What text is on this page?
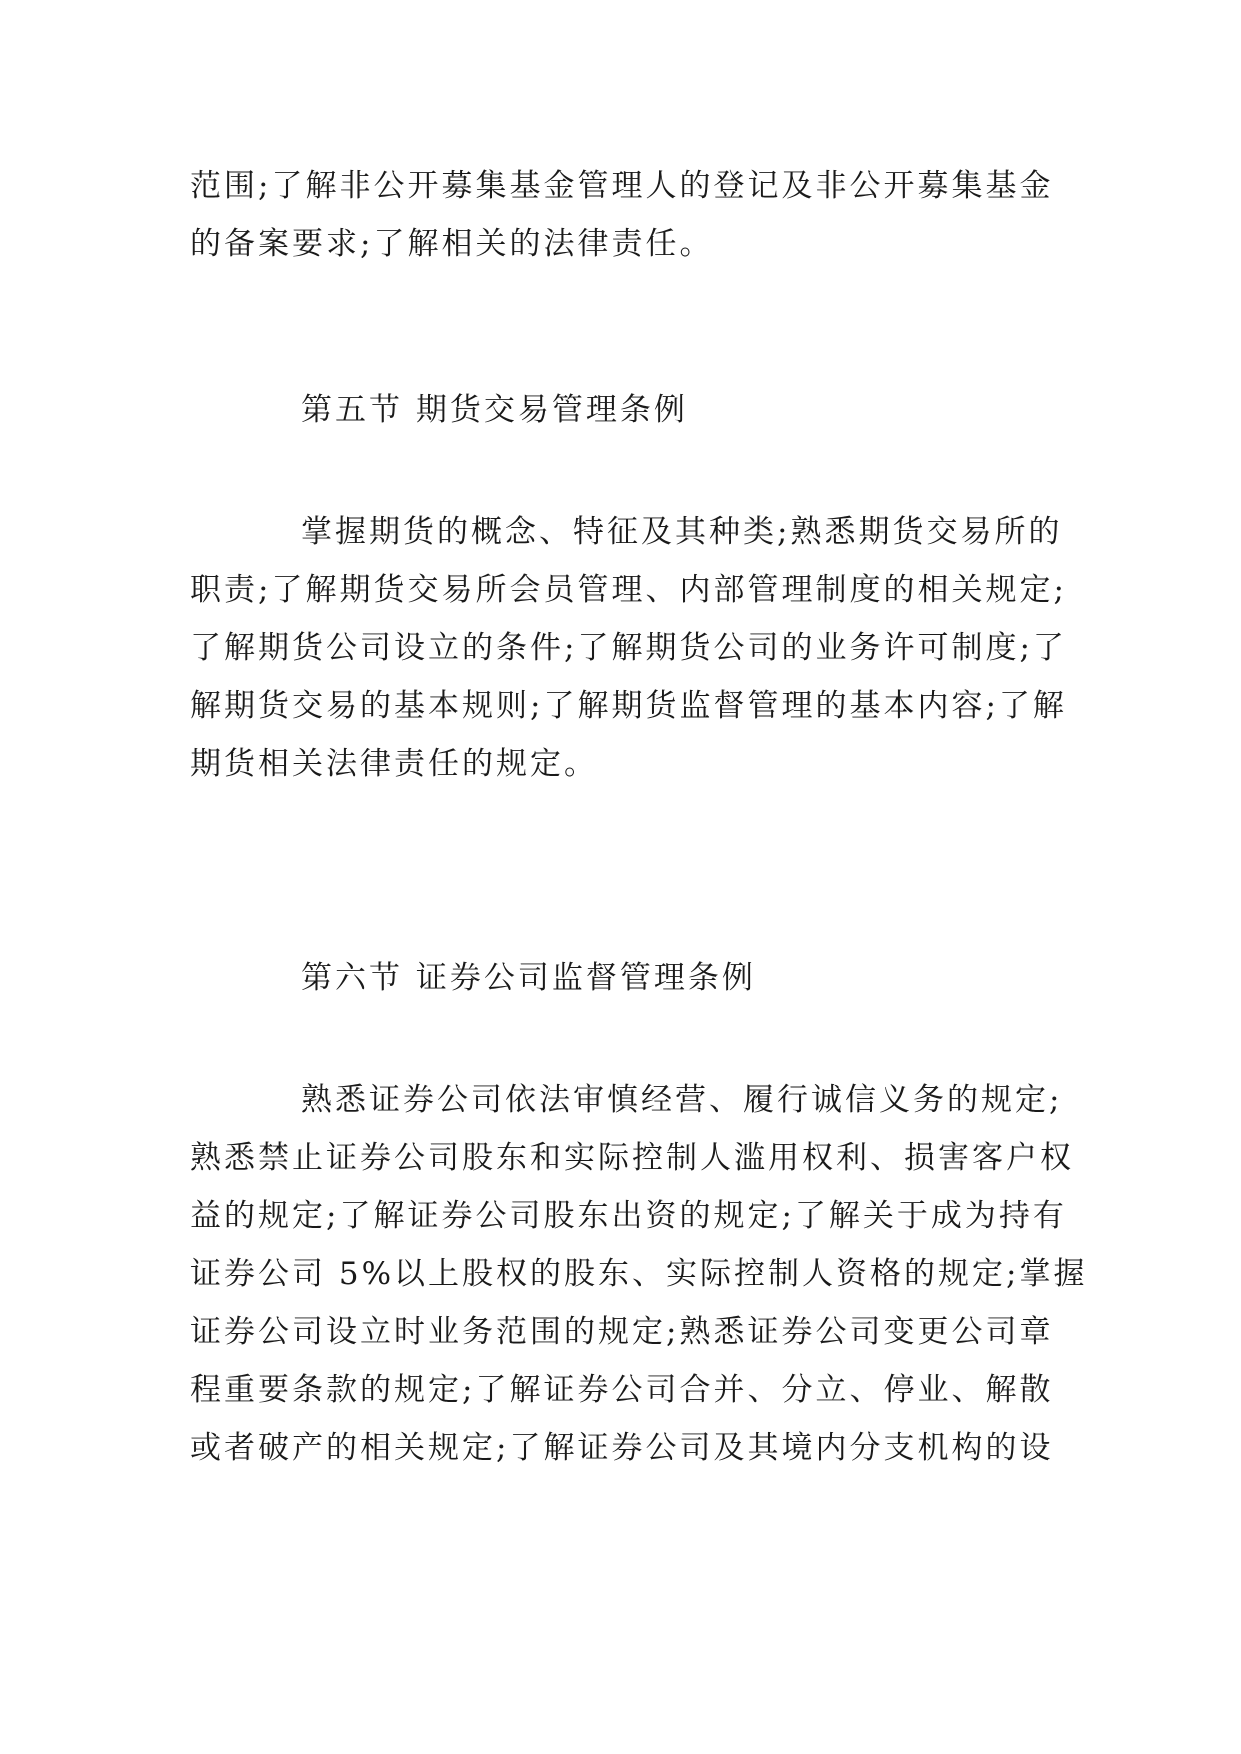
范围;了解非公开募集基金管理人的登记及非公开募集基金
的备案要求;了解相关的法律责任。
第五节 期货交易管理条例
掌握期货的概念、特征及其种类;熟悉期货交易所的
职责;了解期货交易所会员管理、内部管理制度的相关规定;
了解期货公司设立的条件;了解期货公司的业务许可制度;了
解期货交易的基本规则;了解期货监督管理的基本内容;了解
期货相关法律责任的规定。
第六节 证券公司监督管理条例
熟悉证券公司依法审慎经营、履行诚信义务的规定;
熟悉禁止证券公司股东和实际控制人滥用权利、损害客户权
益的规定;了解证券公司股东出资的规定;了解关于成为持有
证券公司 5%以上股权的股东、实际控制人资格的规定;掌握
证券公司设立时业务范围的规定;熟悉证券公司变更公司章
程重要条款的规定;了解证券公司合并、分立、停业、解散
或者破产的相关规定;了解证券公司及其境内分支机构的设
